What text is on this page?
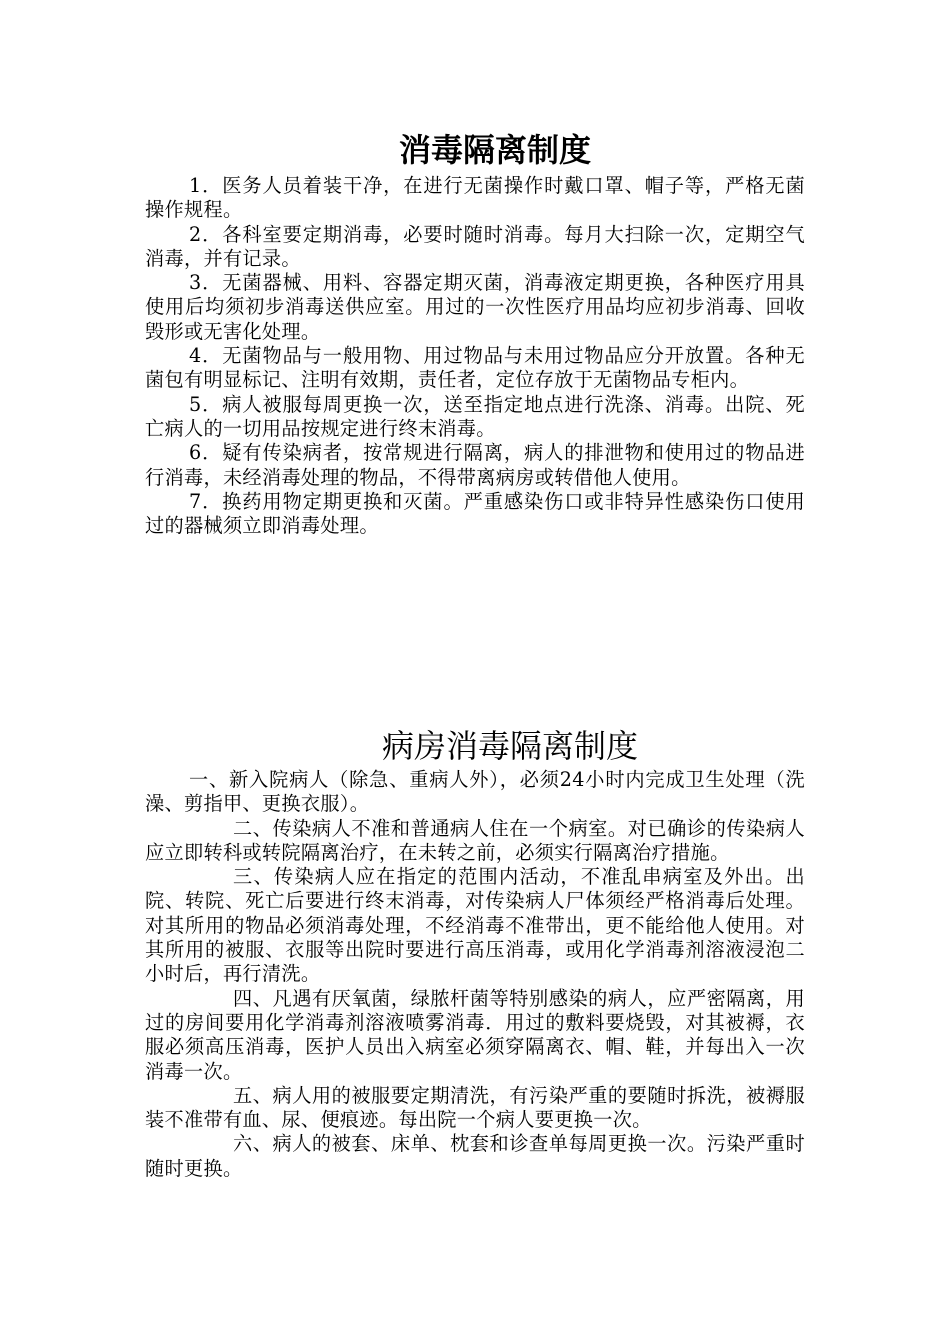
消毒隔离制度

1．医务人员着装干净，在进行无菌操作时戴口罩、帽子等，严格无菌操作规程。

2．各科室要定期消毒，必要时随时消毒。每月大扫除一次，定期空气消毒，并有记录。

3．无菌器械、用料、容器定期灭菌，消毒液定期更换，各种医疗用具使用后均须初步消毒送供应室。用过的一次性医疗用品均应初步消毒、回收毁形或无害化处理。

4．无菌物品与一般用物、用过物品与未用过物品应分开放置。各种无菌包有明显标记、注明有效期，责任者，定位存放于无菌物品专柜内。

5．病人被服每周更换一次，送至指定地点进行洗涤、消毒。出院、死亡病人的一切用品按规定进行终末消毒。

6．疑有传染病者，按常规进行隔离，病人的排泄物和使用过的物品进行消毒，未经消毒处理的物品，不得带离病房或转借他人使用。

7．换药用物定期更换和灭菌。严重感染伤口或非特异性感染伤口使用过的器械须立即消毒处理。

病房消毒隔离制度

一、新入院病人（除急、重病人外），必须24小时内完成卫生处理（洗澡、剪指甲、更换衣服）。

二、传染病人不准和普通病人住在一个病室。对已确诊的传染病人应立即转科或转院隔离治疗，在未转之前，必须实行隔离治疗措施。

三、传染病人应在指定的范围内活动，不准乱串病室及外出。出院、转院、死亡后要进行终末消毒，对传染病人尸体须经严格消毒后处理。对其所用的物品必须消毒处理，不经消毒不准带出，更不能给他人使用。对其所用的被服、衣服等出院时要进行高压消毒，或用化学消毒剂溶液浸泡二小时后，再行清洗。

四、凡遇有厌氧菌，绿脓杆菌等特别感染的病人，应严密隔离，用过的房间要用化学消毒剂溶液喷雾消毒．用过的敷料要烧毁，对其被褥，衣服必须高压消毒，医护人员出入病室必须穿隔离衣、帽、鞋，并每出入一次消毒一次。

五、病人用的被服要定期清洗，有污染严重的要随时拆洗，被褥服装不准带有血、尿、便痕迹。每出院一个病人要更换一次。

六、病人的被套、床单、枕套和诊查单每周更换一次。污染严重时随时更换。
